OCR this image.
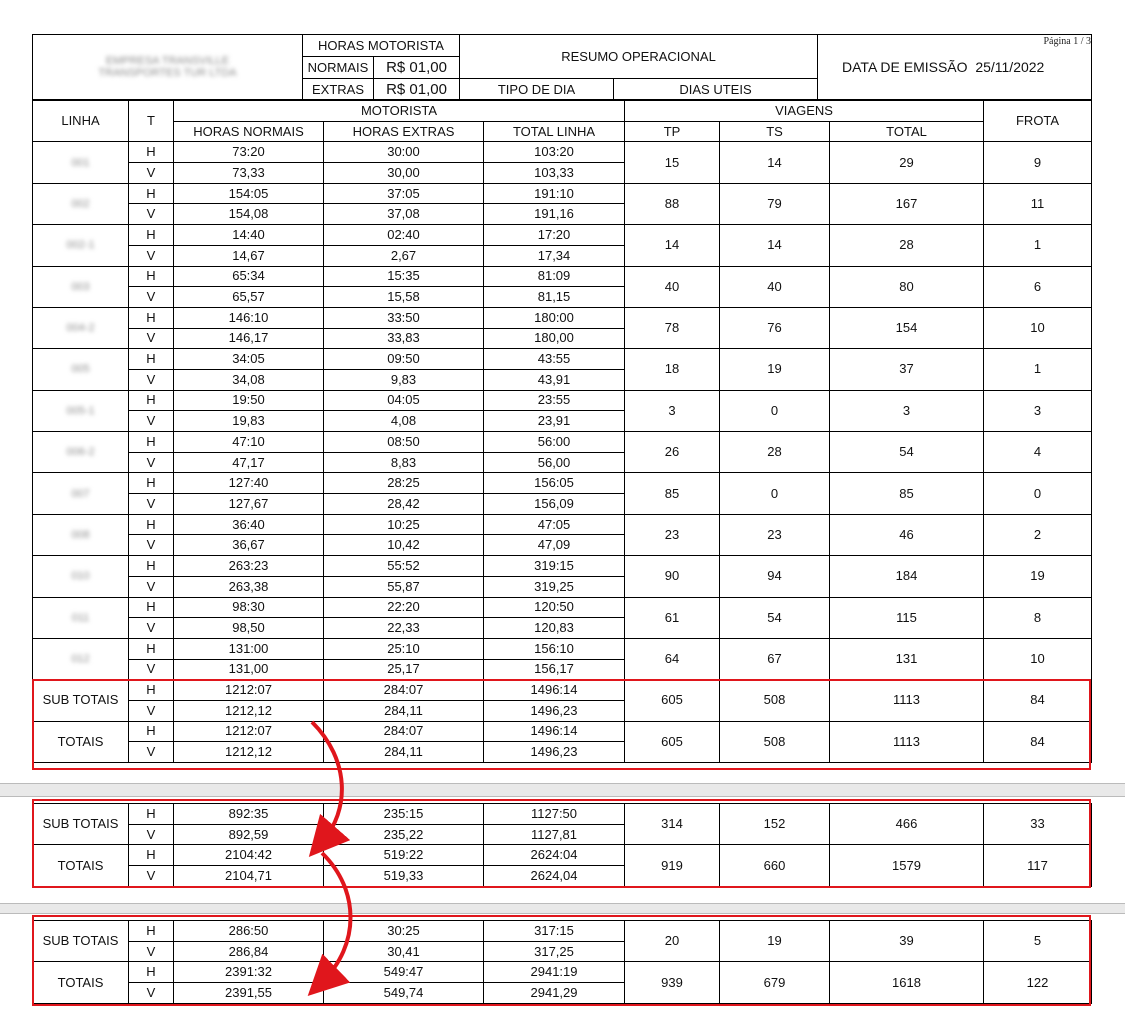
Página 1 / 3
EMPRESA TRANSVILLE
TRANSPORTES TUR LTDA	HORAS MOTORISTA		RESUMO OPERACIONAL		DATA DE EMISSÃO 25/11/2022
	NORMAIS	R$ 01,00			
	EXTRAS	R$ 01,00	TIPO DE DIA	DIAS UTEIS	
LINHA	T	MOTORISTA			VIAGENS			FROTA
		HORAS NORMAIS	HORAS EXTRAS	TOTAL LINHA	TP	TS	TOTAL	
001	H	73:20	30:00	103:20	15	14	29	9
	V	73,33	30,00	103,33				
002	H	154:05	37:05	191:10	88	79	167	11
	V	154,08	37,08	191,16				
002-1	H	14:40	02:40	17:20	14	14	28	1
	V	14,67	2,67	17,34				
003	H	65:34	15:35	81:09	40	40	80	6
	V	65,57	15,58	81,15				
004-2	H	146:10	33:50	180:00	78	76	154	10
	V	146,17	33,83	180,00				
005	H	34:05	09:50	43:55	18	19	37	1
	V	34,08	9,83	43,91				
005-1	H	19:50	04:05	23:55	3	0	3	3
	V	19,83	4,08	23,91				
006-2	H	47:10	08:50	56:00	26	28	54	4
	V	47,17	8,83	56,00				
007	H	127:40	28:25	156:05	85	0	85	0
	V	127,67	28,42	156,09				
008	H	36:40	10:25	47:05	23	23	46	2
	V	36,67	10,42	47,09				
010	H	263:23	55:52	319:15	90	94	184	19
	V	263,38	55,87	319,25				
011	H	98:30	22:20	120:50	61	54	115	8
	V	98,50	22,33	120,83				
012	H	131:00	25:10	156:10	64	67	131	10
	V	131,00	25,17	156,17				
SUB TOTAIS	H	1212:07	284:07	1496:14	605	508	1113	84
	V	1212,12	284,11	1496,23				
TOTAIS	H	1212:07	284:07	1496:14	605	508	1113	84
	V	1212,12	284,11	1496,23				
SUB TOTAIS	H	892:35	235:15	1127:50	314	152	466	33
	V	892,59	235,22	1127,81				
TOTAIS	H	2104:42	519:22	2624:04	919	660	1579	117
	V	2104,71	519,33	2624,04				
SUB TOTAIS	H	286:50	30:25	317:15	20	19	39	5
	V	286,84	30,41	317,25				
TOTAIS	H	2391:32	549:47	2941:19	939	679	1618	122
	V	2391,55	549,74	2941,29				
